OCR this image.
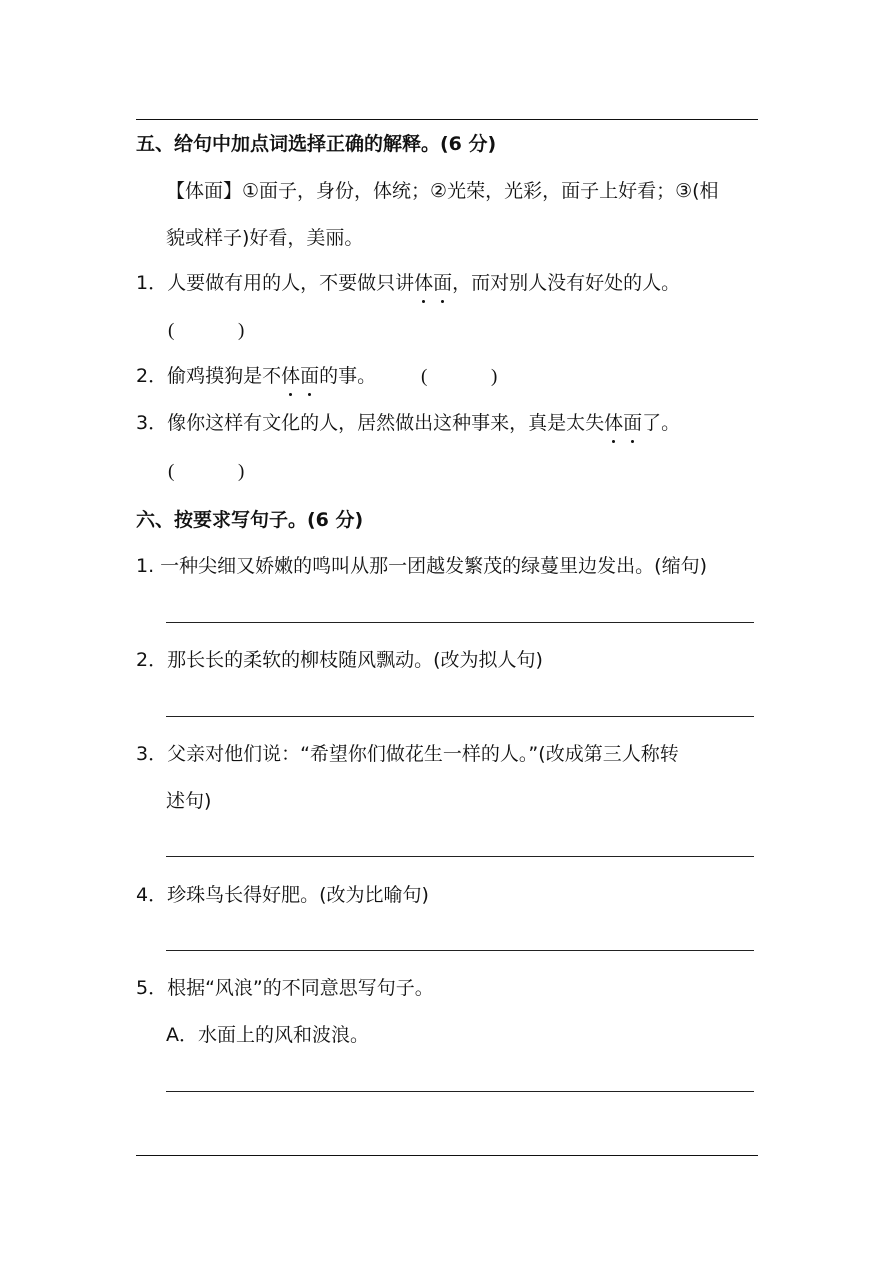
五、给句中加点词选择正确的解释。(6 分)
【体面】①面子，身份，体统；②光荣，光彩，面子上好看；③(相
貌或样子)好看，美丽。
1．人要做有用的人，不要做只讲体面，而对别人没有好处的人。
(	)
2．偷鸡摸狗是不体面的事。 (	)
3．像你这样有文化的人，居然做出这种事来，真是太失体面了。
(	)
六、按要求写句子。(6 分)
1. 一种尖细又娇嫩的鸣叫从那一团越发繁茂的绿蔓里边发出。(缩句)
2．那长长的柔软的柳枝随风飘动。(改为拟人句)
3．父亲对他们说：“希望你们做花生一样的人。”(改成第三人称转
述句)
4．珍珠鸟长得好肥。(改为比喻句)
5．根据“风浪”的不同意思写句子。
A．水面上的风和波浪。
